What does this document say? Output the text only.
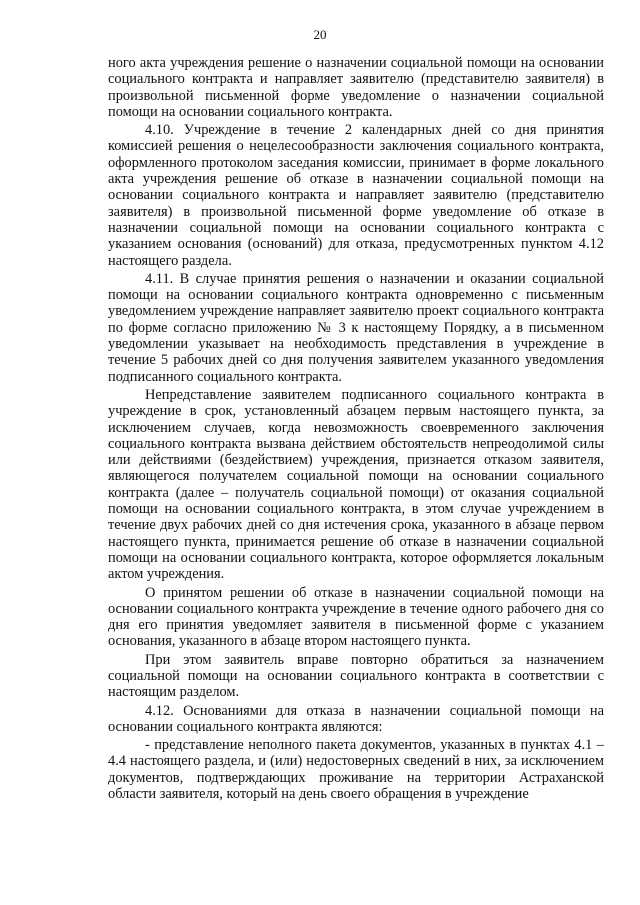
20

ного акта учреждения решение о назначении социальной помощи на основании социального контракта и направляет заявителю (представителю заявителя) в произвольной письменной форме уведомление о назначении социальной помощи на основании социального контракта.

4.10. Учреждение в течение 2 календарных дней со дня принятия комиссией решения о нецелесообразности заключения социального контракта, оформленного протоколом заседания комиссии, принимает в форме локального акта учреждения решение об отказе в назначении социальной помощи на основании социального контракта и направляет заявителю (представителю заявителя) в произвольной письменной форме уведомление об отказе в назначении социальной помощи на основании социального контракта с указанием основания (оснований) для отказа, предусмотренных пунктом 4.12 настоящего раздела.

4.11. В случае принятия решения о назначении и оказании социальной помощи на основании социального контракта одновременно с письменным уведомлением учреждение направляет заявителю проект социального контракта по форме согласно приложению № 3 к настоящему Порядку, а в письменном уведомлении указывает на необходимость представления в учреждение в течение 5 рабочих дней со дня получения заявителем указанного уведомления подписанного социального контракта.

Непредставление заявителем подписанного социального контракта в учреждение в срок, установленный абзацем первым настоящего пункта, за исключением случаев, когда невозможность своевременного заключения социального контракта вызвана действием обстоятельств непреодолимой силы или действиями (бездействием) учреждения, признается отказом заявителя, являющегося получателем социальной помощи на основании социального контракта (далее – получатель социальной помощи) от оказания социальной помощи на основании социального контракта, в этом случае учреждением в течение двух рабочих дней со дня истечения срока, указанного в абзаце первом настоящего пункта, принимается решение об отказе в назначении социальной помощи на основании социального контракта, которое оформляется локальным актом учреждения.

О принятом решении об отказе в назначении социальной помощи на основании социального контракта учреждение в течение одного рабочего дня со дня его принятия уведомляет заявителя в письменной форме с указанием основания, указанного в абзаце втором настоящего пункта.

При этом заявитель вправе повторно обратиться за назначением социальной помощи на основании социального контракта в соответствии с настоящим разделом.

4.12. Основаниями для отказа в назначении социальной помощи на основании социального контракта являются:

- представление неполного пакета документов, указанных в пунктах 4.1 – 4.4 настоящего раздела, и (или) недостоверных сведений в них, за исключением документов, подтверждающих проживание на территории Астраханской области заявителя, который на день своего обращения в учреждение
